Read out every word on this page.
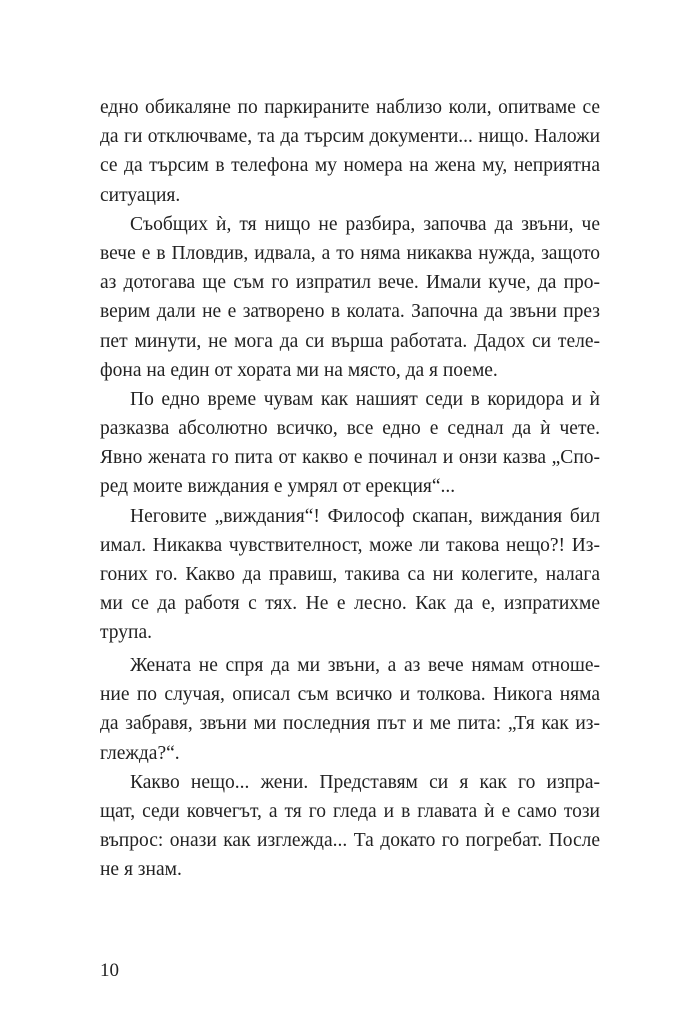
едно обикаляне по паркираните наблизо коли, опитваме се
да ги отключваме, та да търсим документи... нищо. Наложи
се да търсим в телефона му номера на жена му, неприятна
ситуация.
Съобщих ѝ, тя нищо не разбира, започва да звъни, че
вече е в Пловдив, идвала, а то няма никаква нужда, защото
аз дотогава ще съм го изпратил вече. Имали куче, да про-
верим дали не е затворено в колата. Започна да звъни през
пет минути, не мога да си върша работата. Дадох си теле-
фона на един от хората ми на място, да я поеме.
По едно време чувам как нашият седи в коридора и ѝ
разказва абсолютно всичко, все едно е седнал да ѝ чете.
Явно жената го пита от какво е починал и онзи казва „Спо-
ред моите виждания е умрял от ерекция“...
Неговите „виждания“! Философ скапан, виждания бил
имал. Никаква чувствителност, може ли такова нещо?! Из-
гоних го. Какво да правиш, такива са ни колегите, налага
ми се да работя с тях. Не е лесно. Как да е, изпратихме
трупа.
Жената не спря да ми звъни, а аз вече нямам отноше-
ние по случая, описал съм всичко и толкова. Никога няма
да забравя, звъни ми последния път и ме пита: „Тя как из-
глежда?“.
Какво нещо... жени. Представям си я как го изпра-
щат, седи ковчегът, а тя го гледа и в главата ѝ е само този
въпрос: онази как изглежда... Та докато го погребат. После
не я знам.
10
